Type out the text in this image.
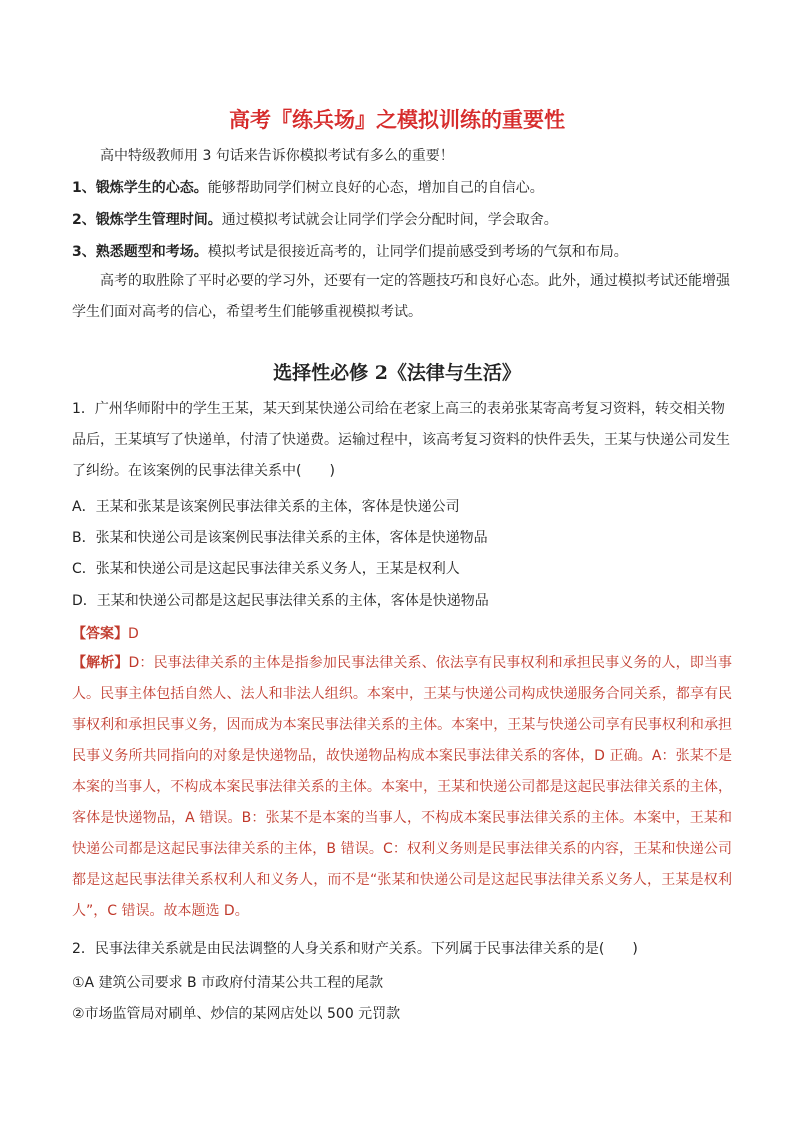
高考『练兵场』之模拟训练的重要性
高中特级教师用 3 句话来告诉你模拟考试有多么的重要！
1、锻炼学生的心态。能够帮助同学们树立良好的心态，增加自己的自信心。
2、锻炼学生管理时间。通过模拟考试就会让同学们学会分配时间，学会取舍。
3、熟悉题型和考场。模拟考试是很接近高考的，让同学们提前感受到考场的气氛和布局。
高考的取胜除了平时必要的学习外，还要有一定的答题技巧和良好心态。此外，通过模拟考试还能增强学生们面对高考的信心，希望考生们能够重视模拟考试。
选择性必修 2《法律与生活》
1．广州华师附中的学生王某，某天到某快递公司给在老家上高三的表弟张某寄高考复习资料，转交相关物品后，王某填写了快递单，付清了快递费。运输过程中，该高考复习资料的快件丢失，王某与快递公司发生了纠纷。在该案例的民事法律关系中(　　)
A．王某和张某是该案例民事法律关系的主体，客体是快递公司
B．张某和快递公司是该案例民事法律关系的主体，客体是快递物品
C．张某和快递公司是这起民事法律关系义务人，王某是权利人
D．王某和快递公司都是这起民事法律关系的主体，客体是快递物品
【答案】D
【解析】D：民事法律关系的主体是指参加民事法律关系、依法享有民事权利和承担民事义务的人，即当事人。民事主体包括自然人、法人和非法人组织。本案中，王某与快递公司构成快递服务合同关系，都享有民事权利和承担民事义务，因而成为本案民事法律关系的主体。本案中，王某与快递公司享有民事权利和承担民事义务所共同指向的对象是快递物品，故快递物品构成本案民事法律关系的客体，D 正确。A：张某不是本案的当事人，不构成本案民事法律关系的主体。本案中，王某和快递公司都是这起民事法律关系的主体，客体是快递物品，A 错误。B：张某不是本案的当事人，不构成本案民事法律关系的主体。本案中，王某和快递公司都是这起民事法律关系的主体，B 错误。C：权利义务则是民事法律关系的内容，王某和快递公司都是这起民事法律关系权利人和义务人，而不是“张某和快递公司是这起民事法律关系义务人，王某是权利人”，C 错误。故本题选 D。
2．民事法律关系就是由民法调整的人身关系和财产关系。下列属于民事法律关系的是(　　)
①A 建筑公司要求 B 市政府付清某公共工程的尾款
②市场监管局对刷单、炒信的某网店处以 500 元罚款
